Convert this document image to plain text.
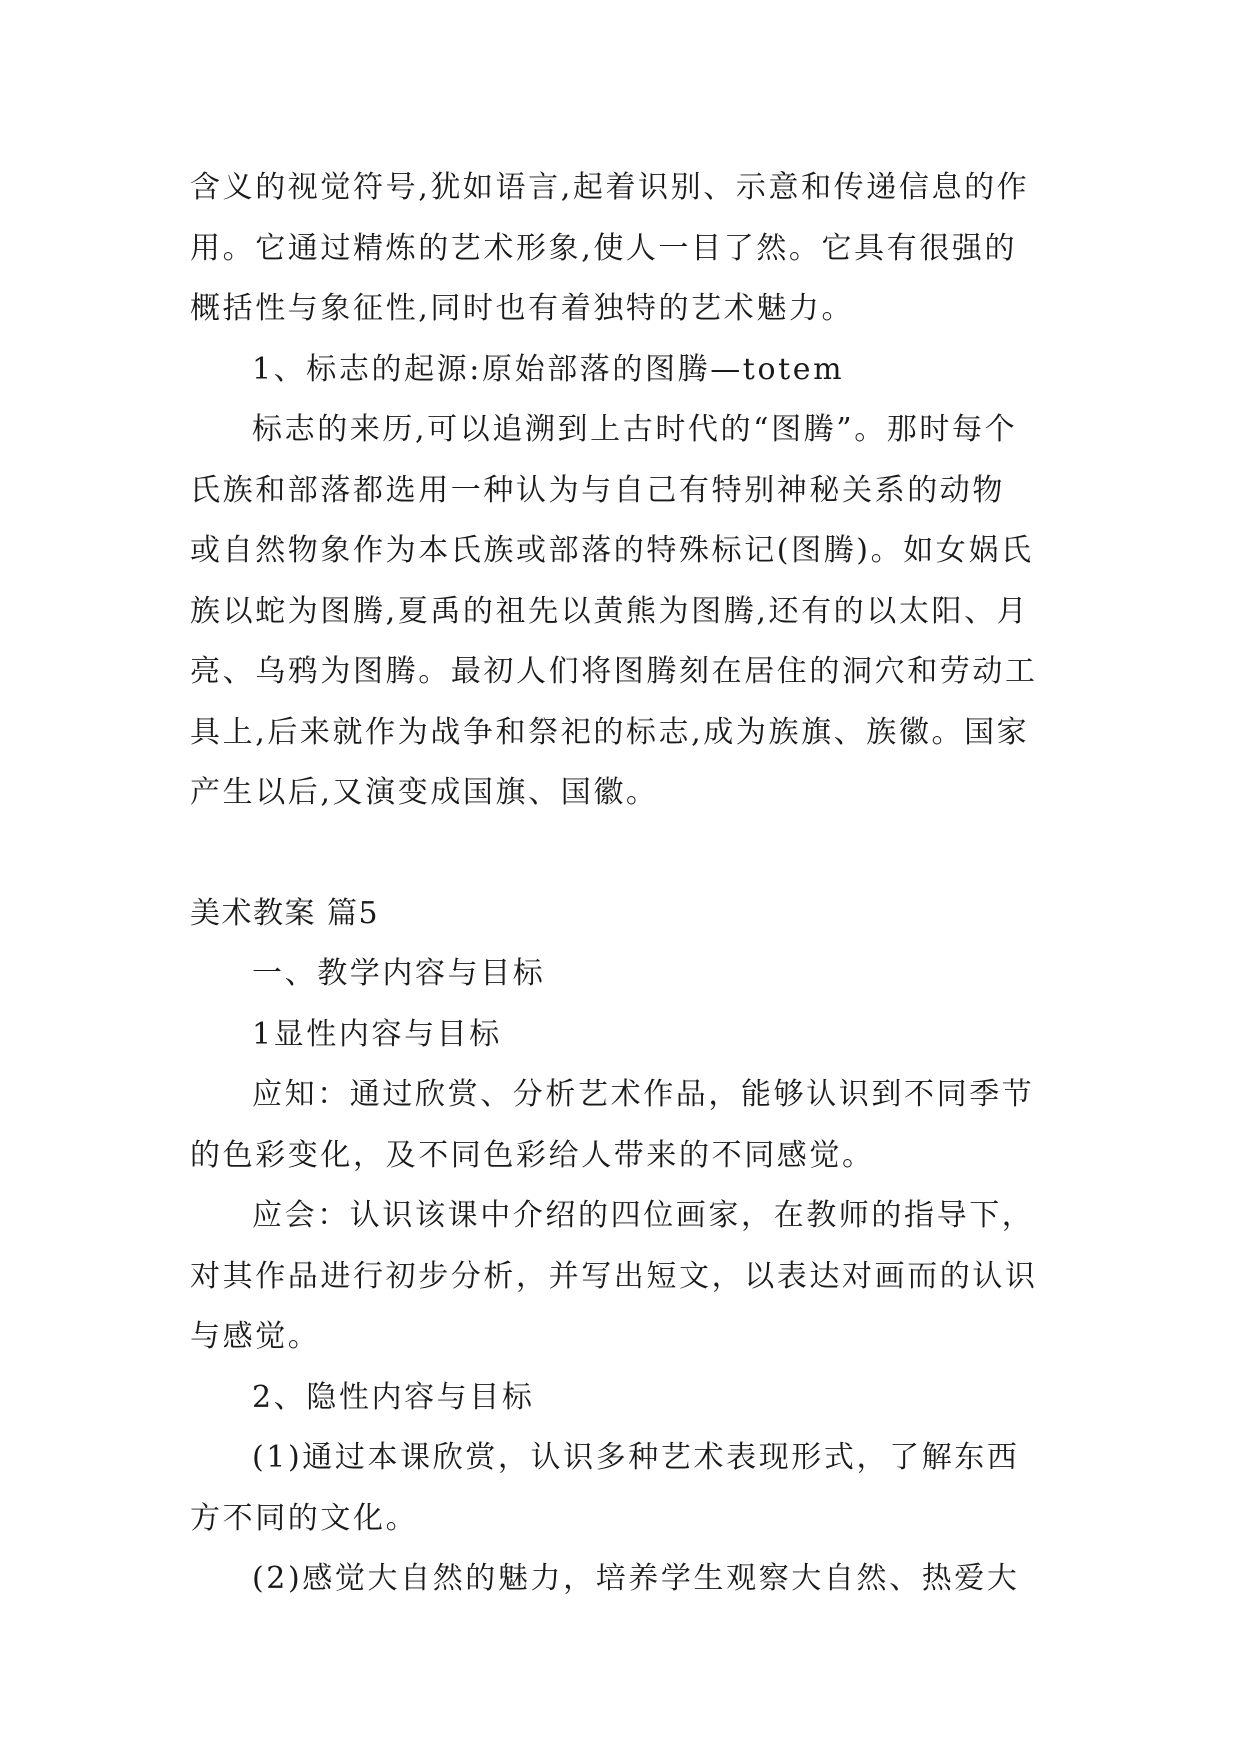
含义的视觉符号,犹如语言,起着识别、示意和传递信息的作
用。它通过精炼的艺术形象,使人一目了然。它具有很强的
概括性与象征性,同时也有着独特的艺术魅力。
1、标志的起源:原始部落的图腾—totem
标志的来历,可以追溯到上古时代的“图腾”。那时每个
氏族和部落都选用一种认为与自己有特别神秘关系的动物
或自然物象作为本氏族或部落的特殊标记(图腾)。如女娲氏
族以蛇为图腾,夏禹的祖先以黄熊为图腾,还有的以太阳、月
亮、乌鸦为图腾。最初人们将图腾刻在居住的洞穴和劳动工
具上,后来就作为战争和祭祀的标志,成为族旗、族徽。国家
产生以后,又演变成国旗、国徽。
美术教案 篇5
一、教学内容与目标
1显性内容与目标
应知：通过欣赏、分析艺术作品，能够认识到不同季节
的色彩变化，及不同色彩给人带来的不同感觉。
应会：认识该课中介绍的四位画家，在教师的指导下，
对其作品进行初步分析，并写出短文，以表达对画而的认识
与感觉。
2、隐性内容与目标
(1)通过本课欣赏，认识多种艺术表现形式，了解东西
方不同的文化。
(2)感觉大自然的魅力，培养学生观察大自然、热爱大
